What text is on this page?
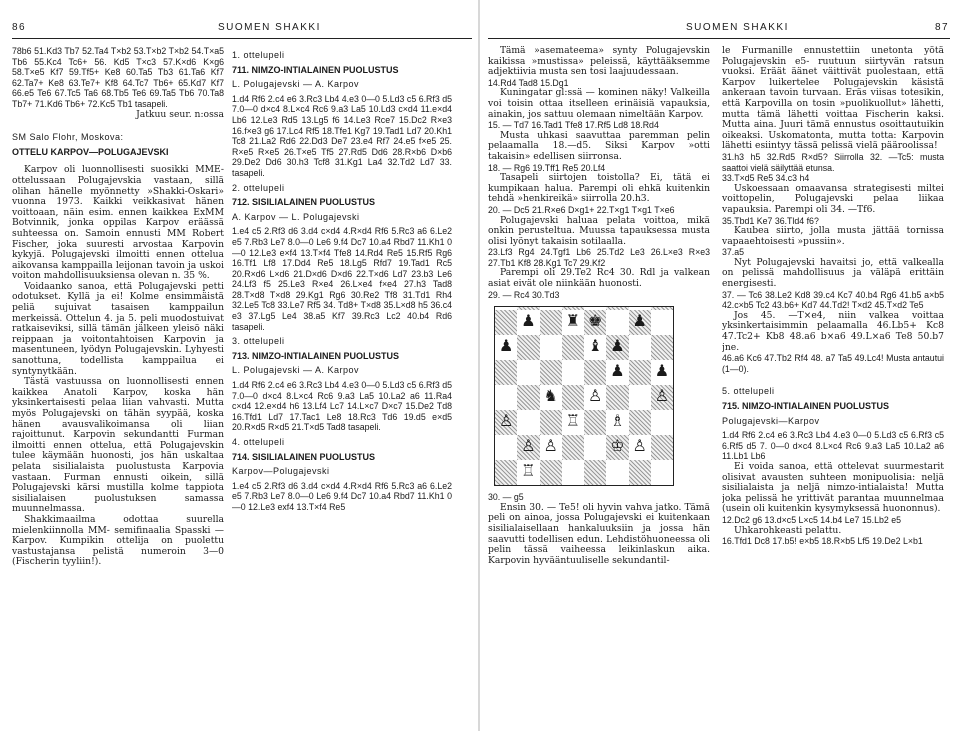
86	SUOMEN SHAKKI

78b6 51.Kd3 Tb7 52.Ta4 T×b2 53.T×b2 T×b2 54.T×a5 Tb6 55.Kc4 Tc6+ 56. Kd5 T×c3 57.K×d6 K×g6 58.T×e5 Kf7 59.Tf5+ Ke8 60.Ta5 Tb3 61.Ta6 Kf7 62.Ta7+ Ke8 63.Te7+ Kf8 64.Tc7 Tb6+ 65.Kd7 Kf7 66.e5 Te6 67.Tc5 Ta6 68.Tb5 Te6 69.Ta5 Tb6 70.Ta8 Tb7+ 71.Kd6 Tb6+ 72.Kc5 Tb1 tasapeli.

Jatkuu seur. n:ossa

SM Salo Flohr, Moskova:

OTTELU KARPOV—POLUGAJEVSKI

Karpov oli luonnollisesti suosikki MME- ottelussaan Polugajevskia vastaan, sillä olihan hänelle myönnetty »Shakki-Oskari» vuonna 1973. Kaikki veikkasivat hänen voittoaan, näin esim. ennen kaikkea ExMM Botvinnik, jonka oppilas Karpov eräässä suhteessa on. Samoin ennusti MM Robert Fischer, joka suuresti arvostaa Karpovin kykyjä. Polugajevski ilmoitti ennen ottelua aikovansa kamppailla leijonan tavoin ja uskoi voiton mahdollisuuksiensa olevan n. 35 %.

Voidaanko sanoa, että Polugajevski petti odotukset. Kyllä ja ei! Kolme ensimmäistä peliä sujuivat tasaisen kamppailun merkeissä. Ottelun 4. ja 5. peli muodostuivat ratkaiseviksi, sillä tämän jälkeen yleisö näki reippaan ja voitontahtoisen Karpovin ja masentuneen, lyödyn Polugajevskin. Lyhyesti sanottuna, todellista kamppailua ei syntynytkään.

Tästä vastuussa on luonnollisesti ennen kaikkea Anatoli Karpov, koska hän yksinkertaisesti pelaa liian vahvasti. Mutta myös Polugajevski on tähän syypää, koska hänen avausvalikoimansa oli liian rajoittunut. Karpovin sekundantti Furman ilmoitti ennen ottelua, että Polugajevskin tulee käymään huonosti, jos hän uskaltaa pelata sisilialaista puolustusta Karpovia vastaan. Furman ennusti oikein, sillä Polugajevski kärsi mustilla kolme tappiota sisilialaisen puolustuksen samassa muunnelmassa.

Shakkimaailma odottaa suurella mielenkiinnolla MM- semifinaalia Spasski —Karpov. Kumpikin ottelija on puolettu vastustajansa pelistä numeroin 3—0 (Fischerin tyyliin!).

1. ottelupeli

711. NIMZO-INTIALAINEN PUOLUSTUS

L. Polugajevski — A. Karpov

1.d4 Rf6 2.c4 e6 3.Rc3 Lb4 4.e3 0—0 5.Ld3 c5 6.Rf3 d5 7.0—0 d×c4 8.L×c4 Rc6 9.a3 La5 10.Ld3 c×d4 11.e×d4 Lb6 12.Le3 Rd5 13.Lg5 f6 14.Le3 Rce7 15.Dc2 R×e3 16.f×e3 g6 17.Lc4 Rf5 18.Tfe1 Kg7 19.Tad1 Ld7 20.Kh1 Tc8 21.La2 Rd6 22.Dd3 De7 23.e4 Rf7 24.e5 f×e5 25. R×e5 R×e5 26.T×e5 Tf5 27.Rd5 Dd6 28.R×b6 D×b6 29.De2 Dd6 30.h3 Tcf8 31.Kg1 La4 32.Td2 Ld7 33. tasapeli.

2. ottelupeli

712. SISILIALAINEN PUOLUSTUS

A. Karpov — L. Polugajevski

1.e4 c5 2.Rf3 d6 3.d4 c×d4 4.R×d4 Rf6 5.Rc3 a6 6.Le2 e5 7.Rb3 Le7 8.0—0 Le6 9.f4 Dc7 10.a4 Rbd7 11.Kh1 0—0 12.Le3 e×f4 13.T×f4 Tfe8 14.Rd4 Re5 15.Rf5 Rg6 16.Tf1 Lf8 17.Dd4 Re5 18.Lg5 Rfd7 19.Tad1 Rc5 20.R×d6 L×d6 21.D×d6 D×d6 22.T×d6 Ld7 23.b3 Le6 24.Lf3 f5 25.Le3 R×e4 26.L×e4 f×e4 27.h3 Tad8 28.T×d8 T×d8 29.Kg1 Rg6 30.Re2 Tf8 31.Td1 Rh4 32.Le5 Tc8 33.Le7 Rf5 34. Td8+ T×d8 35.L×d8 h5 36.c4 e3 37.Lg5 Le4 38.a5 Kf7 39.Rc3 Lc2 40.b4 Rd6 tasapeli.

3. ottelupeli

713. NIMZO-INTIALAINEN PUOLUSTUS

L. Polugajevski — A. Karpov

1.d4 Rf6 2.c4 e6 3.Rc3 Lb4 4.e3 0—0 5.Ld3 c5 6.Rf3 d5 7.0—0 d×c4 8.L×c4 Rc6 9.a3 La5 10.La2 a6 11.Ra4 c×d4 12.e×d4 h6 13.Lf4 Lc7 14.L×c7 D×c7 15.De2 Td8 16.Tfd1 Ld7 17.Tac1 Le8 18.Rc3 Td6 19.d5 e×d5 20.R×d5 R×d5 21.T×d5 Tad8 tasapeli.

4. ottelupeli

714. SISILIALAINEN PUOLUSTUS

Karpov—Polugajevski

1.e4 c5 2.Rf3 d6 3.d4 c×d4 4.R×d4 Rf6 5.Rc3 a6 6.Le2 e5 7.Rb3 Le7 8.0—0 Le6 9.f4 Dc7 10.a4 Rbd7 11.Kh1 0—0 12.Le3 exf4 13.T×f4 Re5

SUOMEN SHAKKI	87

Tämä »asemateema» synty Polugajevskin kaikissa »mustissa» peleissä, käyttääksemme adjektiivia musta sen tosi laajuudessaan.

14.Rd4 Tad8 15.Dg1

Kuningatar gl:ssä — kominen näky! Valkeilla voi toisin ottaa itselleen erinäisiä vapauksia, ainakin, jos sattuu olemaan nimeltään Karpov.

15. — Td7 16.Tad1 Tfe8 17.Rf5 Ld8 18.Rd4

Musta uhkasi saavuttaa paremman pelin pelaamalla 18.—d5. Siksi Karpov »otti takaisin» edellisen siirronsa.

18. — Rg6 19.Tff1 Re5 20.Lf4

Tasapeli siirtojen toistolla? Ei, tätä ei kumpikaan halua. Parempi oli ehkä kuitenkin tehdä »henkireikä» siirrolla 20.h3.

20. — Dc5 21.R×e6 D×g1+ 22.T×g1 T×g1 T×e6

Polugajevski haluaa pelata voittoa, mikä onkin perusteltua. Muussa tapauksessa musta olisi lyönyt takaisin sotilaalla.

23.Lf3 Rg4 24.Tgf1 Lb6 25.Td2 Le3 26.L×e3 R×e3 27.Tb1 Kf8 28.Kg1 Tc7 29.Kf2

Parempi oli 29.Te2 Rc4 30. Rdl ja valkean asiat eivät ole niinkään huonosti.

29. — Rc4 30.Td3

♟ ♜ ♚ ♟
♟	♝ ♟
♟ ♟
♞ ♙	♙
♙	♖ ♗
♙ ♙	♔ ♙
♖

30. — g5

Ensin 30. — Te5! oli hyvin vahva jatko. Tämä peli on ainoa, jossa Polugajevski ei kuitenkaan sisilialaisellaan hankaluuksiin ja jossa hän saavutti todellisen edun. Lehdistöhuoneessa oli pelin tässä vaiheessa leikinlaskun aika. Karpovin hyvääntuuliselle sekundantil-

le Furmanille ennustettiin unetonta yötä Polugajevskin e5- ruutuun siirtyvän ratsun vuoksi. Eräät äänet väittivät puolestaan, että Karpov luikertelee Polugajevskin käsistä ankeraan tavoin turvaan. Eräs viisas totesikin, että Karpovilla on tosin »puolikuollut» lähetti, mutta tämä lähetti voittaa Fischerin kaksi. Mutta aina. Juuri tämä ennustus osoittautuikin oikeaksi. Uskomatonta, mutta totta: Karpovin lähetti esiintyy tässä pelissä vielä pääroolissa!

31.h3 h5 32.Rd5 R×d5? Siirrolla 32. —Tc5: musta saattoi vielä säilyttää etunsa.

33.T×d5 Re5 34.c3 h4

Uskoessaan omaavansa strategisesti miltei voittopelin, Polugajevski pelaa liikaa vapauksia. Parempi oli 34. —Tf6.

35.Tbd1 Ke7 36.Tld4 f6?

Kaubea siirto, jolla musta jättää tornissa vapaaehtoisesti »pussiin».

37.a5

Nyt Polugajevski havaitsi jo, että valkealla on pelissä mahdollisuus ja väläpä erittäin energisesti.

37. — Tc6 38.Le2 Kd8 39.c4 Kc7 40.b4 Rg6 41.b5 a×b5 42.c×b5 Tc2 43.b6+ Kd7 44.Td2! T×d2 45.T×d2 Te5

Jos 45. —T×e4, niin valkea voittaa yksinkertaisimmin pelaamalla 46.Lb5+ Kc8 47.Tc2+ Kb8 48.a6 b×a6 49.L×a6 Te8 50.b7 jne.

46.a6 Kc6 47.Tb2 Rf4 48. a7 Ta5 49.Lc4! Musta antautui (1—0).

5. ottelupeli

715. NIMZO-INTIALAINEN PUOLUSTUS

Polugajevski—Karpov

1.d4 Rf6 2.c4 e6 3.Rc3 Lb4 4.e3 0—0 5.Ld3 c5 6.Rf3 c5 6.Rf5 d5 7. 0—0 d×c4 8.L×c4 Rc6 9.a3 La5 10.La2 a6 11.Lb1 Lb6

Ei voida sanoa, että ottelevat suurmestarit olisivat avausten suhteen monipuolisia: neljä sisilialaista ja neljä nimzo-intialaista! Mutta joka pelissä he yrittivät parantaa muunnelmaa (usein oli kuitenkin kysymyksessä huononnus).

12.Dc2 g6 13.d×c5 L×c5 14.b4 Le7 15.Lb2 e5

Uhkarohkeasti pelattu.

16.Tfd1 Dc8 17.b5! e×b5 18.R×b5 Lf5 19.De2 L×b1
